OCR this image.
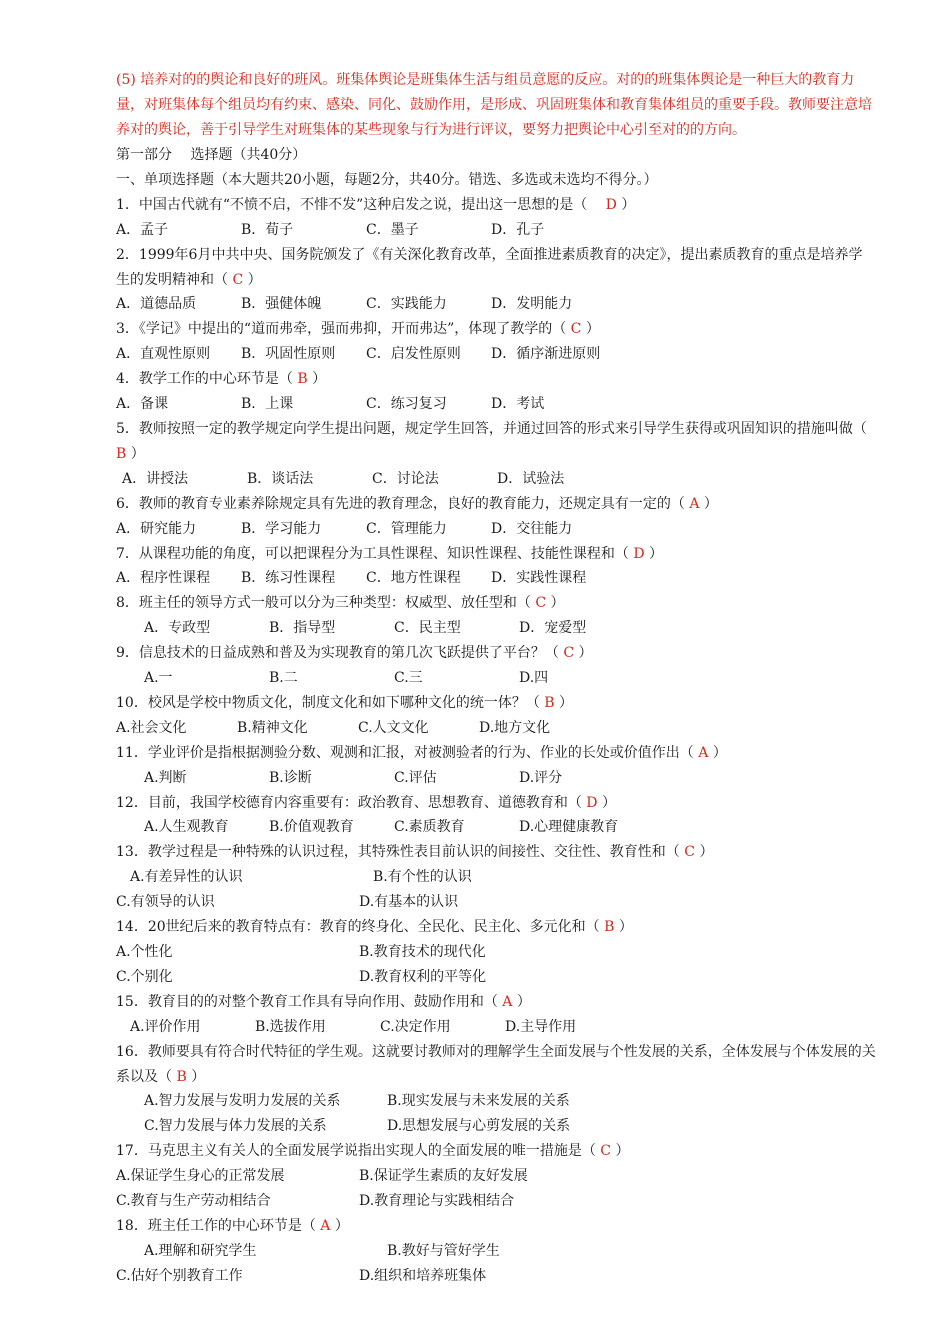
(5) 培养对的的舆论和良好的班风。班集体舆论是班集体生活与组员意愿的反应。对的的班集体舆论是一种巨大的教育力量，对班集体每个组员均有约束、感染、同化、鼓励作用，是形成、巩固班集体和教育集体组员的重要手段。教师要注意培养对的舆论，善于引导学生对班集体的某些现象与行为进行评议，要努力把舆论中心引至对的的方向。

第一部分　 选择题（共40分）
一、单项选择题（本大题共20小题，每题2分，共40分。错选、多选或未选均不得分。）
1．中国古代就有“不愤不启，不悱不发”这种启发之说，提出这一思想的是（　 D ）
A．孟子	B．荀子	C．墨子	D．孔子
2．1999年6月中共中央、国务院颁发了《有关深化教育改革，全面推进素质教育的决定》，提出素质教育的重点是培养学生的发明精神和（ C ）
A．道德品质	B．强健体魄	C．实践能力	D．发明能力
3．《学记》中提出的“道而弗牵，强而弗抑，开而弗达”，体现了教学的（ C ）
A．直观性原则	B．巩固性原则	C．启发性原则	D．循序渐进原则
4．教学工作的中心环节是（ B ）
A．备课	B．上课	C．练习复习	D．考试
5．教师按照一定的教学规定向学生提出问题，规定学生回答，并通过回答的形式来引导学生获得或巩固知识的措施叫做（ B ）
A．讲授法	B．谈话法	C．讨论法	D．试验法
6．教师的教育专业素养除规定具有先进的教育理念，良好的教育能力，还规定具有一定的（ A ）
A．研究能力	B．学习能力	C．管理能力	D．交往能力
7．从课程功能的角度，可以把课程分为工具性课程、知识性课程、技能性课程和（ D ）
A．程序性课程	B．练习性课程	C．地方性课程	D．实践性课程
8．班主任的领导方式一般可以分为三种类型：权威型、放任型和（ C ）
A．专政型	B．指导型	C．民主型	D．宠爱型
9．信息技术的日益成熟和普及为实现教育的第几次飞跃提供了平台？（ C ）
A.一	B.二	C.三	D.四
10．校风是学校中物质文化，制度文化和如下哪种文化的统一体？（ B ）
A.社会文化	B.精神文化	C.人文文化	D.地方文化
11．学业评价是指根据测验分数、观测和汇报，对被测验者的行为、作业的长处或价值作出（ A ）
A.判断	B.诊断	C.评估	D.评分
12．目前，我国学校德育内容重要有：政治教育、思想教育、道德教育和（ D ）
A.人生观教育	B.价值观教育	C.素质教育	D.心理健康教育
13．教学过程是一种特殊的认识过程，其特殊性表目前认识的间接性、交往性、教育性和（ C ）
A.有差异性的认识	B.有个性的认识
C.有领导的认识	D.有基本的认识
14．20世纪后来的教育特点有：教育的终身化、全民化、民主化、多元化和（ B ）
A.个性化	B.教育技术的现代化
C.个别化	D.教育权利的平等化
15．教育目的的对整个教育工作具有导向作用、鼓励作用和（ A ）
A.评价作用	B.选拔作用	C.决定作用	D.主导作用
16．教师要具有符合时代特征的学生观。这就要讨教师对的理解学生全面发展与个性发展的关系，全体发展与个体发展的关系以及（ B ）
A.智力发展与发明力发展的关系	B.现实发展与未来发展的关系
C.智力发展与体力发展的关系	D.思想发展与心剪发展的关系
17．马克思主义有关人的全面发展学说指出实现人的全面发展的唯一措施是（ C ）
A.保证学生身心的正常发展	B.保证学生素质的友好发展
C.教育与生产劳动相结合	D.教育理论与实践相结合
18．班主任工作的中心环节是（ A ）
A.理解和研究学生	B.教好与管好学生
C.估好个别教育工作	D.组织和培养班集体
